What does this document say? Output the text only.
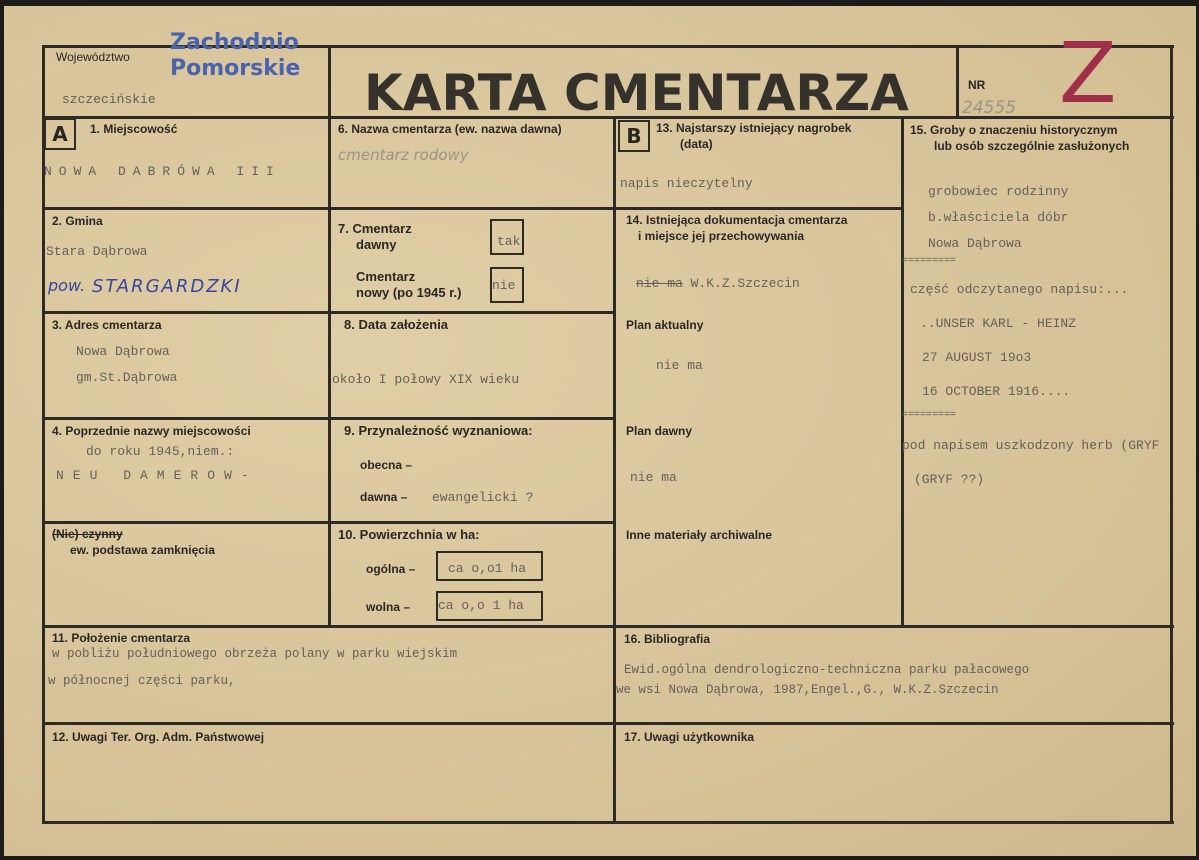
Województwo
szczecińskie
Zachodnio
Pomorskie KARTA CMENTARZA	NR
24555 Z
A	1. Miejscowość
NOWA DABRÓWA III
2. Gmina
Stara Dąbrowa
pow. STARGARDZKI
3. Adres cmentarza
Nowa Dąbrowa
gm.St.Dąbrowa
4. Poprzednie nazwy miejscowości
do roku 1945,niem.:
NEU DAMEROW-
(Nie) czynny
ew. podstawa zamknięcia
6. Nazwa cmentarza (ew. nazwa dawna)
cmentarz rodowy
7. Cmentarz
dawny	tak
Cmentarz
nowy (po 1945 r.) nie
8. Data założenia
około I połowy XIX wieku
9. Przynależność wyznaniowa:
obecna –
dawna – ewangelicki ?
10. Powierzchnia w ha:
ogólna –	ca o,o1 ha
wolna – ca o,o 1 ha
B	13. Najstarszy istniejący nagrobek
(data)
napis nieczytelny
14. Istniejąca dokumentacja cmentarza
i miejsce jej przechowywania
nie ma W.K.Z.Szczecin
Plan aktualny
nie ma
Plan dawny
nie ma
Inne materiały archiwalne
15. Groby o znaczeniu historycznym
lub osób szczególnie zasłużonych
grobowiec rodzinny
b.właściciela dóbr
Nowa Dąbrowa
=========
część odczytanego napisu:...
..UNSER KARL - HEINZ
27 AUGUST 19o3
16 OCTOBER 1916....
=========
pod napisem uszkodzony herb (GRYF
(GRYF ??)
11. Położenie cmentarza
w pobliżu południowego obrzeża polany w parku wiejskim
w północnej części parku,
12. Uwagi Ter. Org. Adm. Państwowej
16. Bibliografia
Ewid.ogólna dendrologiczno-techniczna parku pałacowego
we wsi Nowa Dąbrowa, 1987,Engel.,G., W.K.Z.Szczecin
17. Uwagi użytkownika
